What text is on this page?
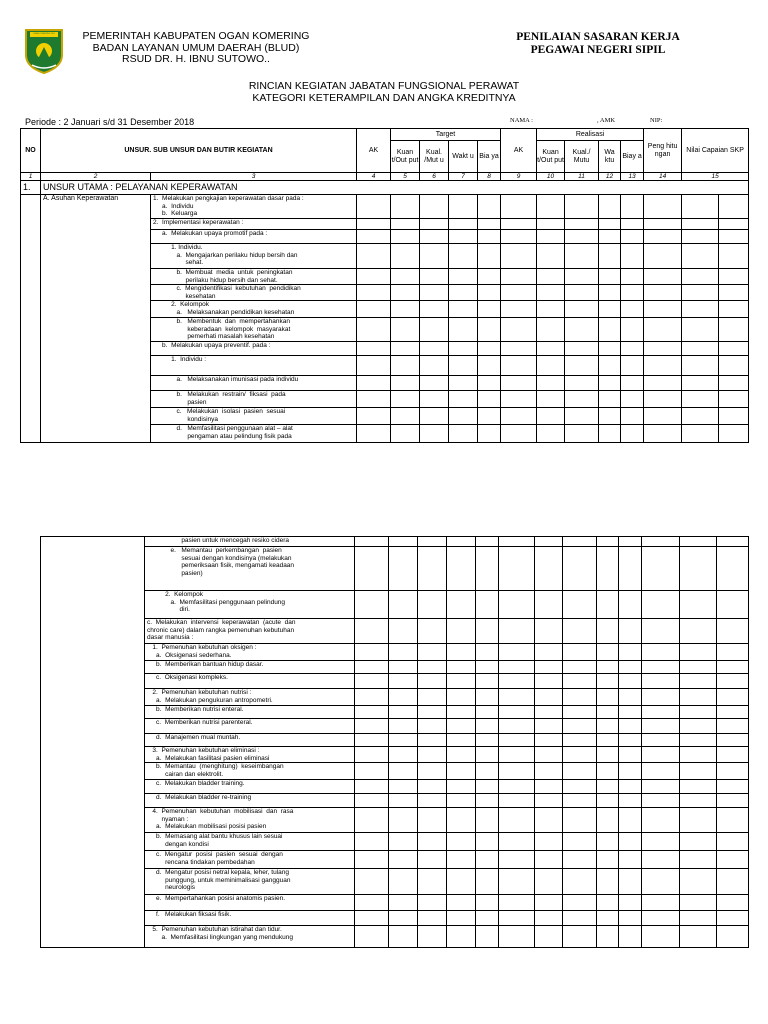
OGAN KOMERING ULU	PEMERINTAH KABUPATEN OGAN KOMERING
BADAN LAYANAN UMUM DAERAH (BLUD)
RSUD DR. H. IBNU SUTOWO..
PENILAIAN SASARAN KERJA
PEGAWAI NEGERI SIPIL
RINCIAN KEGIATAN JABATAN FUNGSIONAL PERAWAT
KATEGORI KETERAMPILAN DAN ANGKA KREDITNYA
Periode : 2 Januari s/d 31 Desember 2018	NAMA :	, AMK	NIP:
NO	UNSUR. SUB UNSUR DAN BUTIR KEGIATAN		AK	Target				AK	Realisasi				Peng hitu ngan	Nilai Capaian SKP	
				Kuan t/Out put	Kual. /Mut u	Wakt u	Bia ya		Kuan t/Out put	Kual./ Mutu	Wa ktu	Biay a			
1	2	3	4	5	6	7	8	9	10	11	12	13	14	15	
1.	UNSUR UTAMA : PELAYANAN KEPERAWATAN														
	A. Asuhan Keperawatan	1.  Melakukan pengkajian keperawatan dasar pada :
a.  Individu
b.  Keluarga													
		2.  Implementasi keperawatan :													
		a.  Melakukan upaya promotif pada :													
		1. Individu.
a.  Mengajarkan perilaku hidup bersih dan
sehat.													
		b.  Membuat  media  untuk  peningkatan
perilaku hidup bersih dan sehat.													
		c.  Mengidentifikasi  kebutuhan  pendidikan
kesehatan													
		2.  Kelompok
a.   Melaksanakan pendidikan kesehatan													
		b.   Membentuk  dan  mempertahankan
keberadaan  kelompok  masyarakat
pemerhati masalah kesehatan													
		b.  Melakukan upaya preventif. pada :													
		1.  Individu :													
		a.   Melaksanakan imunisasi pada individu													
		b.   Melakukan  restrain/  fiksasi  pada
pasien													
		c.   Melakukan  isolasi  pasien  sesuai
kondisinya													
		d.   Memfasilitasi penggunaan alat – alat
pengaman atau pelindung fisik pada													
	pasien untuk mencegah resiko cidera													
	e.   Memantau  perkembangan  pasien
sesuai dengan kondisinya (melakukan
pemeriksaan fisik, mengamati keadaan
pasien)													
	2.  Kelompok
a.  Memfasilitasi penggunaan pelindung
diri.													
	c.  Melakukan  intervensi  keperawatan  (acute  dan
chronic care) dalam rangka pemenuhan kebutuhan
dasar manusia :													
	1.  Pemenuhan kebutuhan oksigen :
a.  Oksigenasi sederhana.													
	b.  Memberikan bantuan hidup dasar.													
	c.  Oksigenasi kompleks.													
	2.  Pemenuhan kebutuhan nutrisi :
a.  Melakukan pengukuran antropometri.													
	b.  Memberikan nutrisi enteral.													
	c.  Memberikan nutrisi parenteral.													
	d.  Manajemen mual muntah.													
	3.  Pemenuhan kebutuhan eliminasi :
a.  Melakukan fasilitasi pasien eliminasi													
	b.  Memantau  (menghitung)  keseimbangan
cairan dan elektrolit.													
	c.  Melakukan bladder training.													
	d.  Melakukan bladder re-training													
	4.  Pemenuhan  kebutuhan  mobilisasi  dan  rasa
nyaman :
a.  Melakukan mobilisasi posisi pasien													
	b.  Memasang alat bantu khusus lain sesuai
dengan kondisi													
	c.  Mengatur  posisi  pasien  sesuai  dengan
rencana tindakan pembedahan													
	d.  Mengatur posisi netral kepala, leher, tulang
punggung, untuk meminimalisasi gangguan
neurologis													
	e.  Mempertahankan posisi anatomis pasien.													
	f.   Melakukan fiksasi fisik.													
	5.  Pemenuhan kebutuhan istirahat dan tidur.
a.  Memfasilitasi lingkungan yang mendukung													
